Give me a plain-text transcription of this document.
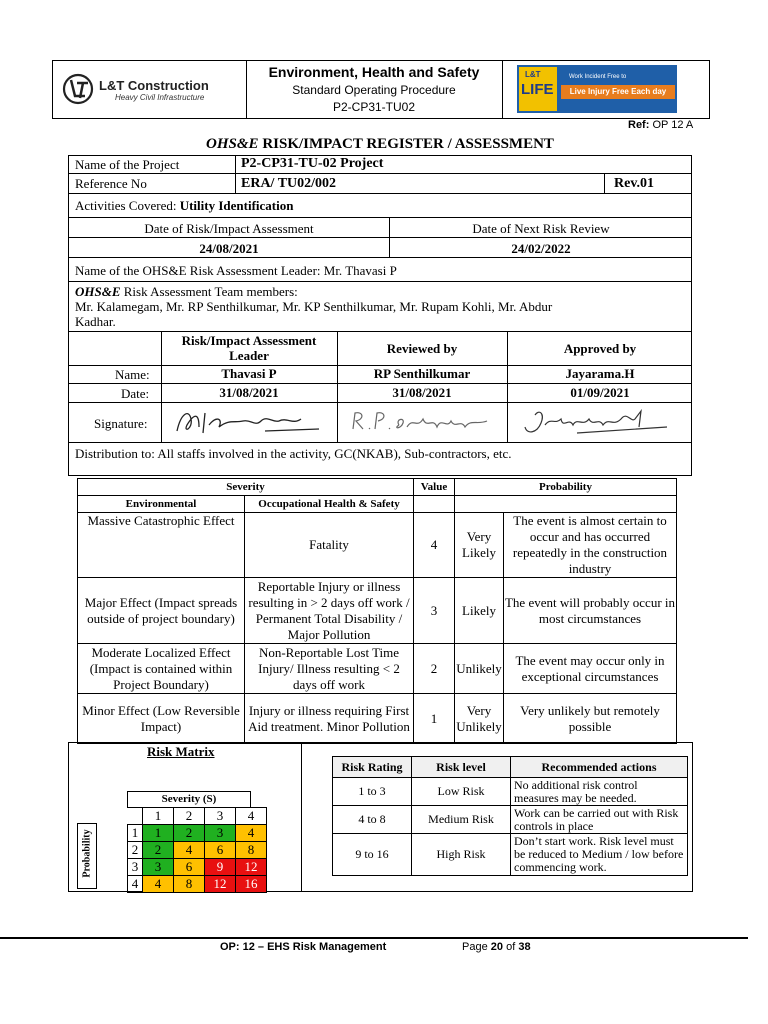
L&T Construction
Heavy Civil Infrastructure
Environment, Health and Safety
Standard Operating Procedure
P2-CP31-TU02
L&T
LIFE
Work Incident Free to
Live Injury Free Each day
Ref: OP 12 A
OHS&E RISK/IMPACT REGISTER / ASSESSMENT
Name of the Project	P2-CP31-TU-02 Project
Reference No	ERA/ TU02/002	Rev.01
Activities Covered: Utility Identification
Date of Risk/Impact Assessment	Date of Next Risk Review
24/08/2021	24/02/2022
Name of the OHS&E Risk Assessment Leader: Mr. Thavasi P
OHS&E Risk Assessment Team members:
Mr. Kalamegam, Mr. RP Senthilkumar, Mr. KP Senthilkumar, Mr. Rupam Kohli, Mr. Abdur
Kadhar.
Risk/Impact Assessment Leader	Reviewed by	Approved by
Name:	Thavasi P	RP Senthilkumar	Jayarama.H
Date:	31/08/2021	31/08/2021	01/09/2021
Signature:
Distribution to: All staffs involved in the activity, GC(NKAB), Sub-contractors, etc.
Severity		Value	Probability	
Environmental	Occupational Health & Safety			
Massive Catastrophic Effect	Fatality	4	Very Likely	The event is almost certain to occur and has occurred repeatedly in the construction industry
Major Effect (Impact spreads outside of project boundary)	Reportable Injury or illness resulting in > 2 days off work / Permanent Total Disability / Major Pollution	3	Likely	The event will probably occur in most circumstances
Moderate Localized Effect (Impact is contained within Project Boundary)	Non-Reportable Lost Time Injury/ Illness resulting < 2 days off work	2	Unlikely	The event may occur only in exceptional circumstances
Minor Effect (Low Reversible Impact)	Injury or illness requiring First Aid treatment. Minor Pollution	1	Very Unlikely	Very unlikely but remotely possible
Risk Matrix
Severity (S)
	1	2	3	4
1	1	2	3	4
2	2	4	6	8
3	3	6	9	12
4	4	8	12	16
Probability
Risk Rating	Risk level	Recommended actions
1 to 3	Low Risk	No additional risk control measures may be needed.
4 to 8	Medium Risk	Work can be carried out with Risk controls in place
9 to 16	High Risk	Don’t start work. Risk level must be reduced to Medium / low before commencing work.
OP: 12 – EHS Risk Management	Page 20 of 38
